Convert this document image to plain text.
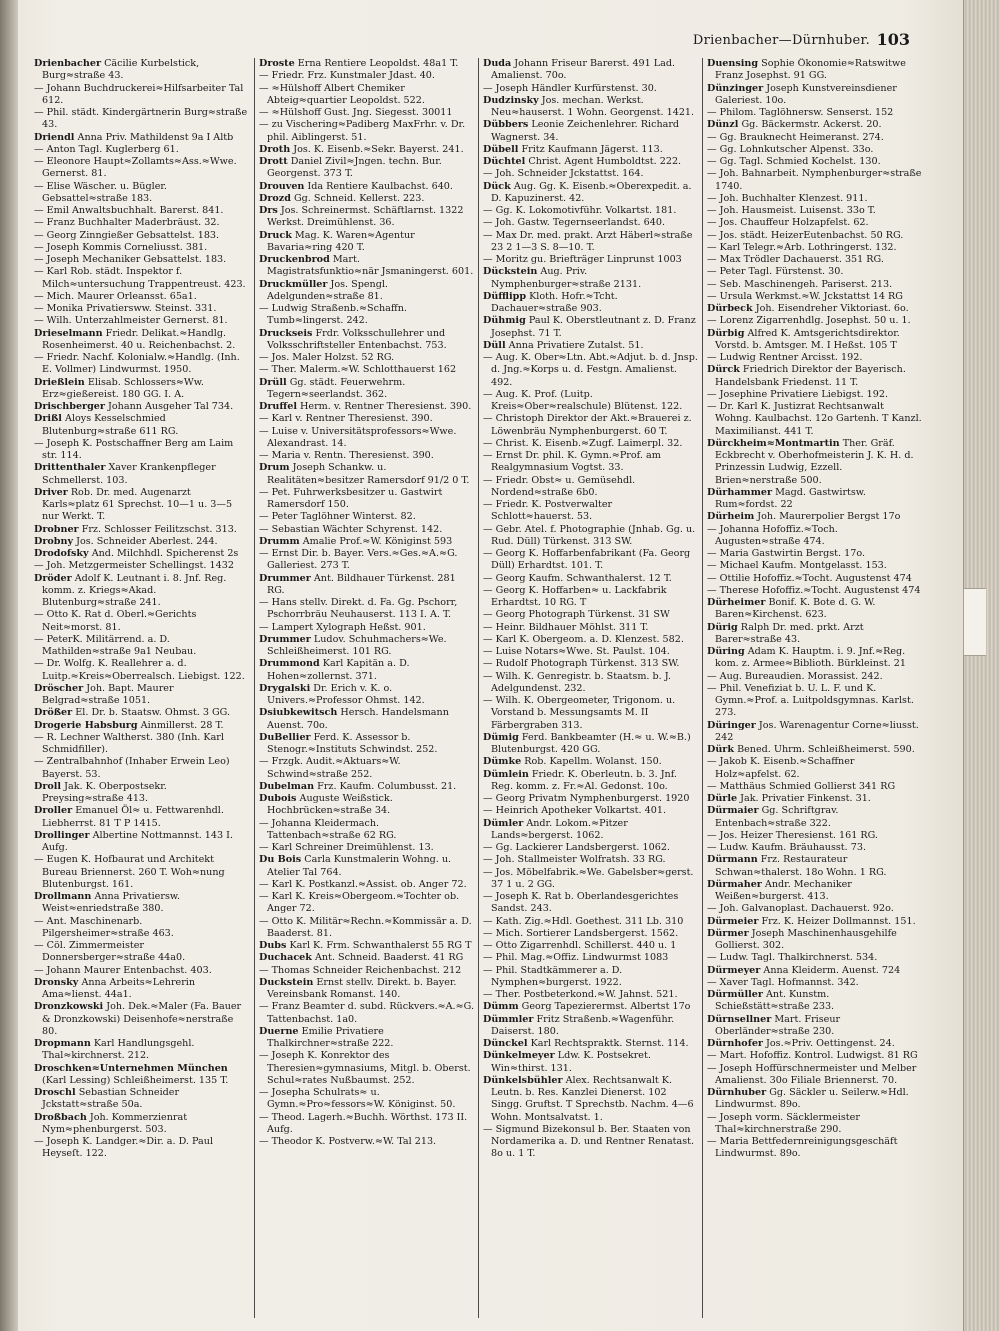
Drienbacher—Dürnhuber. 103

Drienbacher Cäcilie Kurbelstick, Burg≈straße 43.

— Johann Buchdruckerei≈Hilfsarbeiter Tal 612.

— Phil. städt. Kindergärtnerin Burg≈straße 43.

Driendl Anna Priv. Mathildenst 9a I Altb

— Anton Tagl. Kuglerberg 61.

— Eleonore Haupt≈Zollamts≈Ass.≈Wwe. Gernerst. 81.

— Elise Wäscher. u. Bügler. Gebsattel≈straße 183.

— Emil Anwaltsbuchhalt. Barerst. 841.

— Franz Buchhalter Maderbräust. 32.

— Georg Zinngießer Gebsattelst. 183.

— Joseph Kommis Corneliusst. 381.

— Joseph Mechaniker Gebsattelst. 183.

— Karl Rob. städt. Inspektor f. Milch≈untersuchung Trappentreust. 423.

— Mich. Maurer Orleansst. 65a1.

— Monika Privatiersww. Steinst. 331.

— Wilh. Unterzahlmeister Gernerst. 81.

Drieselmann Friedr. Delikat.≈Handlg. Rosenheimerst. 40 u. Reichenbachst. 2.

— Friedr. Nachf. Kolonialw.≈Handlg. (Inh. E. Vollmer) Lindwurmst. 1950.

Drießlein Elisab. Schlossers≈Ww. Erz≈gießereist. 180 GG. I. A.

Drischberger Johann Ausgeher Tal 734.

Drißl Aloys Kesselschmied Blutenburg≈straße 611 RG.

— Joseph K. Postschaffner Berg am Laim str. 114.

Drittenthaler Xaver Krankenpfleger Schmellerst. 103.

Driver Rob. Dr. med. Augenarzt Karls≈platz 61 Sprechst. 10—1 u. 3—5 nur Werkt. T.

Drobner Frz. Schlosser Feilitzschst. 313.

Drobny Jos. Schneider Aberlest. 244.

Drodofsky And. Milchhdl. Spicherenst 2s

— Joh. Metzgermeister Schellingst. 1432

Dröder Adolf K. Leutnant i. 8. Jnf. Reg. komm. z. Kriegs≈Akad. Blutenburg≈straße 241.

— Otto K. Rat d. Oberl.≈Gerichts Neit≈morst. 81.

— PeterK. Militärrend. a. D. Mathilden≈straße 9a1 Neubau.

— Dr. Wolfg. K. Reallehrer a. d. Luitp.≈Kreis≈Oberrealsch. Liebigst. 122.

Dröscher Joh. Bapt. Maurer Belgrad≈straße 1051.

Drößer El. Dr. b. Staatsw. Ohmst. 3 GG.

Drogerie Habsburg Ainmillerst. 28 T.

— R. Lechner Waltherst. 380 (Inh. Karl Schmidfiller).

— Zentralbahnhof (Inhaber Erwein Leo) Bayerst. 53.

Droll Jak. K. Oberpostsekr. Preysing≈straße 413.

Droller Emanuel Öl≈ u. Fettwarenhdl. Liebherrst. 81 T P 1415.

Drollinger Albertine Nottmannst. 143 I. Aufg.

— Eugen K. Hofbaurat und Architekt Bureau Briennerst. 260 T. Woh≈nung Blutenburgst. 161.

Drollmann Anna Privatiersw. Weist≈enriedstraße 380.

— Ant. Maschinenarb. Pilgersheimer≈straße 463.

— Cöl. Zimmermeister Donnersberger≈straße 44a0.

— Johann Maurer Entenbachst. 403.

Dronsky Anna Arbeits≈Lehrerin Ama≈lienst. 44a1.

Dronzkowski Joh. Dek.≈Maler (Fa. Bauer & Dronzkowski) Deisenhofe≈nerstraße 80.

Dropmann Karl Handlungsgehl. Thal≈kirchnerst. 212.

Droschken≈Unternehmen München (Karl Lessing) Schleißheimerst. 135 T.

Droschl Sebastian Schneider Jckstatt≈straße 50a.

Droßbach Joh. Kommerzienrat Nym≈phenburgerst. 503.

— Joseph K. Landger.≈Dir. a. D. Paul Heyseſt. 122.

Droste Erna Rentiere Leopoldst. 48a1 T.

— Friedr. Frz. Kunstmaler Jdast. 40.

— ≈Hülshoff Albert Chemiker Abteig≈quartier Leopoldst. 522.

— ≈Hülshoff Gust. Jng. Siegesst. 30011

— zu Vischering≈Padiberg MaxFrhr. v. Dr. phil. Aiblingerst. 51.

Droth Jos. K. Eisenb.≈Sekr. Bayerst. 241.

Drott Daniel Zivil≈Jngen. techn. Bur. Georgenst. 373 T.

Drouven Ida Rentiere Kaulbachst. 640.

Drozd Gg. Schneid. Kellerst. 223.

Drs Jos. Schreinermst. Schäftlarnst. 1322 Werkst. Dreimühlenst. 36.

Druck Mag. K. Waren≈Agentur Bavaria≈ring 420 T.

Druckenbrod Mart. Magistratsfunktio≈när Jsmaningerst. 601.

Druckmüller Jos. Spengl. Adelgunden≈straße 81.

— Ludwig Straßenb.≈Schaffn. Tumb≈lingerst. 242.

Druckseis Frdr. Volksschullehrer und Volksschriftsteller Entenbachst. 753.

— Jos. Maler Holzst. 52 RG.

— Ther. Malerm.≈W. Schlotthauerst 162

Drüll Gg. städt. Feuerwehrm. Tegern≈seerlandst. 362.

Druffel Herm. v. Rentner Theresienst. 390.

— Karl v. Rentner Theresienst. 390.

— Luise v. Universitätsprofessors≈Wwe. Alexandrast. 14.

— Maria v. Rentn. Theresienst. 390.

Drum Joseph Schankw. u. Realitäten≈besitzer Ramersdorf 91/2 0 T.

— Pet. Fuhrwerksbesitzer u. Gastwirt Ramersdorf 150.

— Peter Taglöhner Winterst. 82.

— Sebastian Wächter Schyrenst. 142.

Drumm Amalie Prof.≈W. Königinst 593

— Ernst Dir. b. Bayer. Vers.≈Ges.≈A.≈G. Galleriest. 273 T.

Drummer Ant. Bildhauer Türkenst. 281 RG.

— Hans stellv. Direkt. d. Fa. Gg. Pschorr, Pschorrbräu Neuhauserst. 113 I. A. T.

— Lampert Xylograph Heßst. 901.

Drummer Ludov. Schuhmachers≈We. Schleißheimerst. 101 RG.

Drummond Karl Kapitän a. D. Hohen≈zollernst. 371.

Drygalski Dr. Erich v. K. o. Univers.≈Professor Ohmst. 142.

Dsiubkewitsch Hersch. Handelsmann Auenst. 70o.

DuBellier Ferd. K. Assessor b. Stenogr.≈Instituts Schwindst. 252.

— Frzgk. Audit.≈Aktuars≈W. Schwind≈straße 252.

Dubelman Frz. Kaufm. Columbusst. 21.

Dubois Auguste Weißstick. Hochbrücken≈straße 34.

— Johanna Kleidermach. Tattenbach≈straße 62 RG.

— Karl Schreiner Dreimühlenst. 13.

Du Bois Carla Kunstmalerin Wohng. u. Atelier Tal 764.

— Karl K. Postkanzl.≈Assist. ob. Anger 72.

— Karl K. Kreis≈Obergeom.≈Tochter ob. Anger 72.

— Otto K. Militär≈Rechn.≈Kommissär a. D. Baaderst. 81.

Dubs Karl K. Frm. Schwanthalerst 55 RG T

Duchacek Ant. Schneid. Baaderst. 41 RG

— Thomas Schneider Reichenbachst. 212

Duckstein Ernst stellv. Direkt. b. Bayer. Vereinsbank Romanst. 140.

— Franz Beamter d. subd. Rückvers.≈A.≈G. Tattenbachst. 1a0.

Duerne Emilie Privatiere Thalkirchner≈straße 222.

— Joseph K. Konrektor des Theresien≈gymnasiums, Mitgl. b. Oberst. Schul≈rates Nußbaumst. 252.

— Josepha Schulrats≈ u. Gymn.≈Pro≈fessors≈W. Königinst. 50.

— Theod. Lagerh.≈Buchh. Wörthst. 173 II. Aufg.

— Theodor K. Postverw.≈W. Tal 213.

Duda Johann Friseur Barerst. 491 Lad. Amalienst. 70o.

— Joseph Händler Kurfürstenst. 30.

Dudzinsky Jos. mechan. Werkst. Neu≈hauserst. 1 Wohn. Georgenst. 1421.

Dübbers Leonie Zeichenlehrer. Richard Wagnerst. 34.

Dübell Fritz Kaufmann Jägerst. 113.

Düchtel Christ. Agent Humboldtst. 222.

— Joh. Schneider Jckstattst. 164.

Dück Aug. Gg. K. Eisenb.≈Oberexpedit. a. D. Kapuzinerst. 42.

— Gg. K. Lokomotivführ. Volkartst. 181.

— Joh. Gastw. Tegernseerlandst. 640.

— Max Dr. med. prakt. Arzt Häberl≈straße 23 2 1—3 S. 8—10. T.

— Moritz gu. Briefträger Linprunst 1003

Dückstein Aug. Priv. Nymphenburger≈straße 2131.

Düfflipp Kloth. Hofr.≈Tcht. Dachauer≈straße 903.

Dühmig Paul K. Oberstleutnant z. D. Franz Josephst. 71 T.

Düll Anna Privatiere Zutalst. 51.

— Aug. K. Ober≈Ltn. Abt.≈Adjut. b. d. Jnsp. d. Jng.≈Korps u. d. Festgn. Amalienst. 492.

— Aug. K. Prof. (Luitp. Kreis≈Ober≈realschule) Blütenst. 122.

— Christoph Direktor der Akt.≈Brauerei z. Löwenbräu Nymphenburgerst. 60 T.

— Christ. K. Eisenb.≈Zugf. Laimerpl. 32.

— Ernst Dr. phil. K. Gymn.≈Prof. am Realgymnasium Vogtst. 33.

— Friedr. Obst≈ u. Gemüsehdl. Nordend≈straße 6b0.

— Friedr. K. Postverwalter Schlott≈hauerst. 53.

— Gebr. Atel. f. Photographie (Jnhab. Gg. u. Rud. Düll) Türkenst. 313 SW.

— Georg K. Hoffarbenfabrikant (Fa. Georg Düll) Erhardtst. 101. T.

— Georg Kaufm. Schwanthalerst. 12 T.

— Georg K. Hoffarben≈ u. Lackfabrik Erhardtst. 10 RG. T

— Georg Photograph Türkenst. 31 SW

— Heinr. Bildhauer Möhlst. 311 T.

— Karl K. Obergeom. a. D. Klenzest. 582.

— Luise Notars≈Wwe. St. Paulst. 104.

— Rudolf Photograph Türkenst. 313 SW.

— Wilh. K. Genregistr. b. Staatsm. b. J. Adelgundenst. 232.

— Wilh. K. Obergeometer, Trigonom. u. Vorstand b. Messungsamts M. II Färbergraben 313.

Dümig Ferd. Bankbeamter (H.≈ u. W.≈B.) Blutenburgst. 420 GG.

Dümke Rob. Kapellm. Wolanst. 150.

Dümlein Friedr. K. Oberleutn. b. 3. Jnf. Reg. komm. z. Fr.≈Al. Gedonst. 10o.

— Georg Privatm Nymphenburgerst. 1920

— Heinrich Apotheker Volkartst. 401.

Dümler Andr. Lokom.≈Pitzer Lands≈bergerst. 1062.

— Gg. Lackierer Landsbergerst. 1062.

— Joh. Stallmeister Wolfratsh. 33 RG.

— Jos. Möbelfabrik.≈We. Gabelsber≈gerst. 37 1 u. 2 GG.

— Joseph K. Rat b. Oberlandesgerichtes Sandst. 243.

— Kath. Zig.≈Hdl. Goethest. 311 Lb. 310

— Mich. Sortierer Landsbergerst. 1562.

— Otto Zigarrenhdl. Schillerst. 440 u. 1

— Phil. Mag.≈Offiz. Lindwurmst 1083

— Phil. Stadtkämmerer a. D. Nymphen≈burgerst. 1922.

— Ther. Postbeterkond.≈W. Jahnst. 521.

Dümm Georg Tapezierermst. Albertst 17o

Dümmler Fritz Straßenb.≈Wagenführ. Daiserst. 180.

Dünckel Karl Rechtspraktk. Sternst. 114.

Dünkelmeyer Ldw. K. Postsekret. Win≈thirst. 131.

Dünkelsbühler Alex. Rechtsanwalt K. Leutn. b. Res. Kanzlei Dienerst. 102 Singg. Gruftst. T Sprechstb. Nachm. 4—6 Wohn. Montsalvatst. 1.

— Sigmund Bizekonsul b. Ber. Staaten von Nordamerika a. D. und Rentner Renatast. 8o u. 1 T.

Duensing Sophie Ökonomie≈Ratswitwe Franz Josephst. 91 GG.

Dünzinger Joseph Kunstvereinsdiener Galeriest. 10o.

— Philom. Taglöhnersw. Senserst. 152

Dünzl Gg. Bäckermstr. Ackerst. 20.

— Gg. Brauknecht Heimeranst. 274.

— Gg. Lohnkutscher Alpenst. 33o.

— Gg. Tagl. Schmied Kochelst. 130.

— Joh. Bahnarbeit. Nymphenburger≈straße 1740.

— Joh. Buchhalter Klenzest. 911.

— Joh. Hausmeist. Luisenst. 33o T.

— Jos. Chauffeur Holzapfelst. 62.

— Jos. städt. HeizerEutenbachst. 50 RG.

— Karl Telegr.≈Arb. Lothringerst. 132.

— Max Trödler Dachauerst. 351 RG.

— Peter Tagl. Fürstenst. 30.

— Seb. Maschinengeh. Pariserst. 213.

— Ursula Werkmst.≈W. Jckstattst 14 RG

Dürbeck Joh. Eisendreher Viktoriast. 6o.

— Lorenz Zigarrenhdlg. Josephst. 50 u. 1.

Dürbig Alfred K. Amtsgerichtsdirektor. Vorstd. b. Amtsger. M. I Heßst. 105 T

— Ludwig Rentner Arcisst. 192.

Dürck Friedrich Direktor der Bayerisch. Handelsbank Friedenst. 11 T.

— Josephine Privatiere Liebigst. 192.

— Dr. Karl K. Justizrat Rechtsanwalt Wohng. Kaulbachst. 12o Gartenh. T Kanzl. Maximilianst. 441 T.

Dürckheim≈Montmartin Ther. Gräf. Eckbrecht v. Oberhofmeisterin J. K. H. d. Prinzessin Ludwig, Ezzell. Brien≈nerstraße 500.

Dürhammer Magd. Gastwirtsw. Rum≈fordst. 22

Dürheim Joh. Maurerpolier Bergst 17o

— Johanna Hofoffiz.≈Toch. Augusten≈straße 474.

— Maria Gastwirtin Bergst. 17o.

— Michael Kaufm. Montgelasst. 153.

— Ottilie Hofoffiz.≈Tocht. Augustenst 474

— Therese Hofoffiz.≈Tocht. Augustenst 474

Dürheimer Bonif. K. Bote d. G. W. Baren≈Kirchenst. 623.

Dürig Ralph Dr. med. prkt. Arzt Barer≈straße 43.

Düring Adam K. Hauptm. i. 9. Jnf.≈Reg. kom. z. Armee≈Biblioth. Bürkleinst. 21

— Aug. Bureaudien. Morassist. 242.

— Phil. Venefiziat b. U. L. F. und K. Gymn.≈Prof. a. Luitpoldsgymnas. Karlst. 273.

Düringer Jos. Warenagentur Corne≈liusst. 242

Dürk Bened. Uhrm. Schleißheimerst. 590.

— Jakob K. Eisenb.≈Schaffner Holz≈apfelst. 62.

— Matthäus Schmied Gollierst 341 RG

Dürle Jak. Privatier Finkenst. 31.

Dürmaier Gg. Schriftgrav. Entenbach≈straße 322.

— Jos. Heizer Theresienst. 161 RG.

— Ludw. Kaufm. Bräuhausst. 73.

Dürmann Frz. Restaurateur Schwan≈thalerst. 18o Wohn. 1 RG.

Dürmaher Andr. Mechaniker Weißen≈burgerst. 413.

— Joh. Galvanoplast. Dachauerst. 92o.

Dürmeier Frz. K. Heizer Dollmannst. 151.

Dürmer Joseph Maschinenhausgehilfe Gollierst. 302.

— Ludw. Tagl. Thalkirchnerst. 534.

Dürmeyer Anna Kleiderm. Auenst. 724

— Xaver Tagl. Hofmannst. 342.

Dürmüller Ant. Kunstm. Schießstätt≈straße 233.

Dürnsellner Mart. Friseur Oberländer≈straße 230.

Dürnhofer Jos.≈Priv. Oettingenst. 24.

— Mart. Hofoffiz. Kontrol. Ludwigst. 81 RG

— Joseph Hoffürschnermeister und Melber Amalienst. 30o Filiale Briennerst. 70.

Dürnhuber Gg. Säckler u. Seilerw.≈Hdl. Lindwurmst. 89o.

— Joseph vorm. Säcklermeister Thal≈kirchnerstraße 290.

— Maria Bettfedernreinigungsgeschäft Lindwurmst. 89o.
